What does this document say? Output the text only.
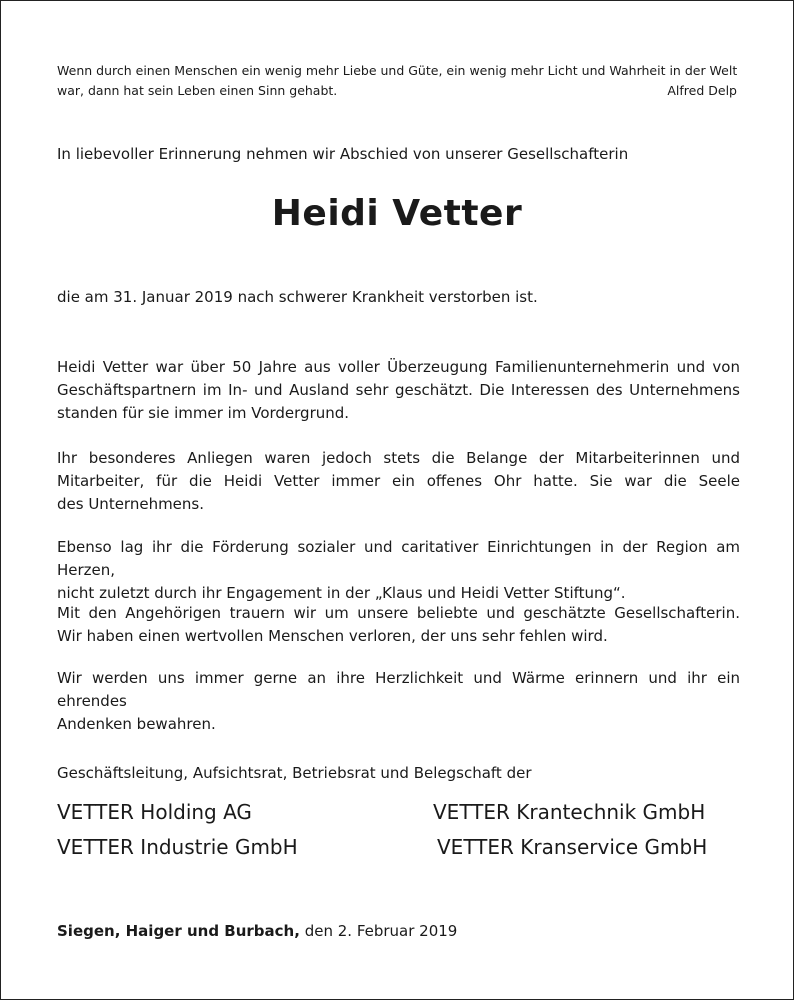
Wenn durch einen Menschen ein wenig mehr Liebe und Güte, ein wenig mehr Licht und Wahrheit in der Welt
war, dann hat sein Leben einen Sinn gehabt.	Alfred Delp
In liebevoller Erinnerung nehmen wir Abschied von unserer Gesellschafterin
Heidi Vetter
die am 31. Januar 2019 nach schwerer Krankheit verstorben ist.

Heidi Vetter war über 50 Jahre aus voller Überzeugung Familienunternehmerin und von

Geschäftspartnern im In- und Ausland sehr geschätzt. Die Interessen des Unternehmens

standen für sie immer im Vordergrund.

Ihr besonderes Anliegen waren jedoch stets die Belange der Mitarbeiterinnen und

Mitarbeiter, für die Heidi Vetter immer ein offenes Ohr hatte. Sie war die Seele

des Unternehmens.

Ebenso lag ihr die Förderung sozialer und caritativer Einrichtungen in der Region am Herzen,

nicht zuletzt durch ihr Engagement in der „Klaus und Heidi Vetter Stiftung“.

Mit den Angehörigen trauern wir um unsere beliebte und geschätzte Gesellschafterin.

Wir haben einen wertvollen Menschen verloren, der uns sehr fehlen wird.

Wir werden uns immer gerne an ihre Herzlichkeit und Wärme erinnern und ihr ein ehrendes

Andenken bewahren.

Geschäftsleitung, Aufsichtsrat, Betriebsrat und Belegschaft der
VETTER Holding AG
VETTER Industrie GmbH
VETTER Krantechnik GmbH
VETTER Kranservice GmbH
Siegen, Haiger und Burbach, den 2. Februar 2019
